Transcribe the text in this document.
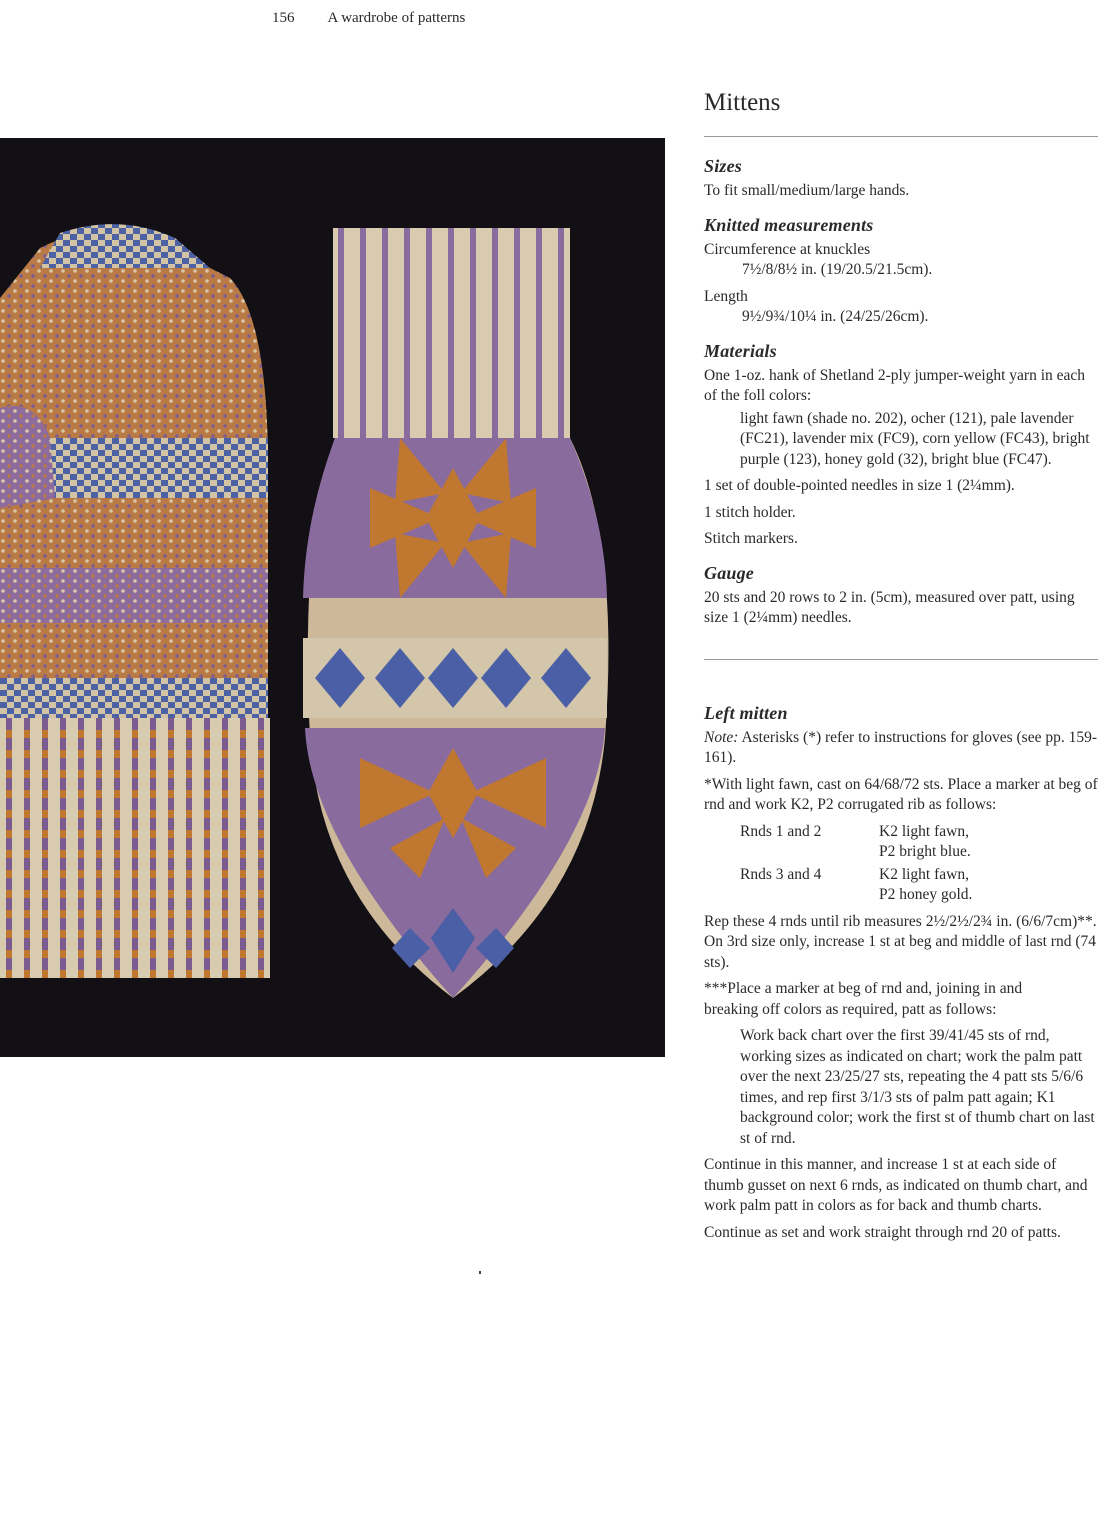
156 A wardrobe of patterns
Mittens
Sizes

To fit small/medium/large hands.

Knitted measurements

Circumference at knuckles

7½/8/8½ in. (19/20.5/21.5cm).

Length

9½/9¾/10¼ in. (24/25/26cm).

Materials

One 1-oz. hank of Shetland 2-ply jumper-weight yarn in each of the foll colors:

light fawn (shade no. 202), ocher (121), pale lavender (FC21), lavender mix (FC9), corn yellow (FC43), bright purple (123), honey gold (32), bright blue (FC47).

1 set of double-pointed needles in size 1 (2¼mm).

1 stitch holder.

Stitch markers.

Gauge

20 sts and 20 rows to 2 in. (5cm), measured over patt, using size 1 (2¼mm) needles.

Left mitten

Note: Asterisks (*) refer to instructions for gloves (see pp. 159-161).

*With light fawn, cast on 64/68/72 sts. Place a marker at beg of rnd and work K2, P2 corrugated rib as follows:

Rnds 1 and 2	K2 light fawn,
P2 bright blue.
Rnds 3 and 4	K2 light fawn,
P2 honey gold.

Rep these 4 rnds until rib measures 2½/2½/2¾ in. (6/6/7cm)**. On 3rd size only, increase 1 st at beg and middle of last rnd (74 sts).

***Place a marker at beg of rnd and, joining in and breaking off colors as required, patt as follows:

Work back chart over the first 39/41/45 sts of rnd, working sizes as indicated on chart; work the palm patt over the next 23/25/27 sts, repeating the 4 patt sts 5/6/6 times, and rep first 3/1/3 sts of palm patt again; K1 background color; work the first st of thumb chart on last st of rnd.

Continue in this manner, and increase 1 st at each side of thumb gusset on next 6 rnds, as indicated on thumb chart, and work palm patt in colors as for back and thumb charts.

Continue as set and work straight through rnd 20 of patts.
